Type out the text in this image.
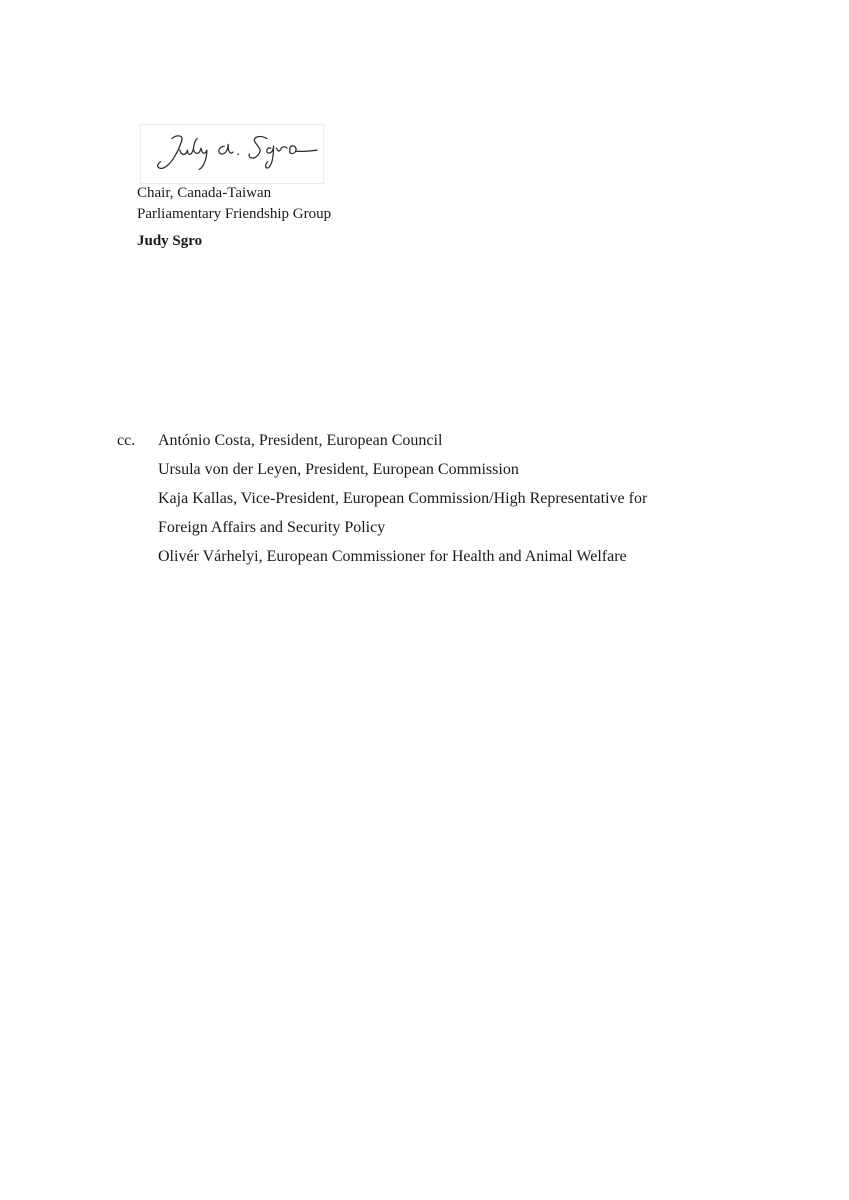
Chair, Canada-Taiwan
Parliamentary Friendship Group
Judy Sgro
cc. António Costa, President, European Council
Ursula von der Leyen, President, European Commission
Kaja Kallas, Vice-President, European Commission/High Representative for
Foreign Affairs and Security Policy
Olivér Várhelyi, European Commissioner for Health and Animal Welfare
